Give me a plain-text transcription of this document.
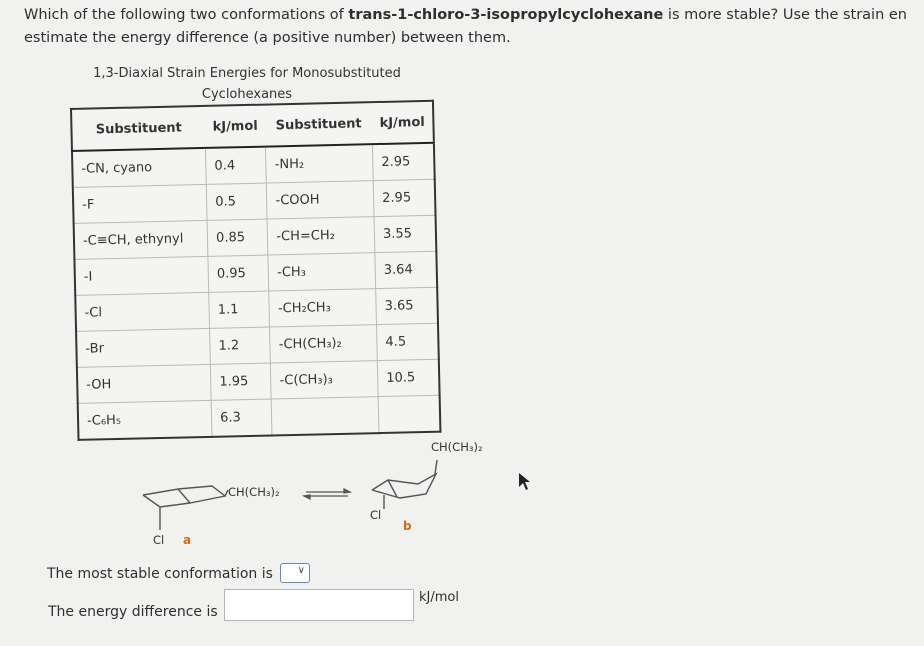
Which of the following two conformations of trans-1-chloro-3-isopropylcyclohexane is more stable? Use the strain en
estimate the energy difference (a positive number) between them.
1,3-Diaxial Strain Energies for Monosubstituted
Cyclohexanes
Substituent	kJ/mol	Substituent	kJ/mol
-CN, cyano	0.4	-NH₂	2.95
-F	0.5	-COOH	2.95
-C≡CH, ethynyl	0.85	-CH=CH₂	3.55
-I	0.95	-CH₃	3.64
-Cl	1.1	-CH₂CH₃	3.65
-Br	1.2	-CH(CH₃)₂	4.5
-OH	1.95	-C(CH₃)₃	10.5
-C₆H₅	6.3		
CH(CH₃)₂
Cl a
CH(CH₃)₂
Cl
b
The most stable conformation is ∨
The energy difference is
kJ/mol
